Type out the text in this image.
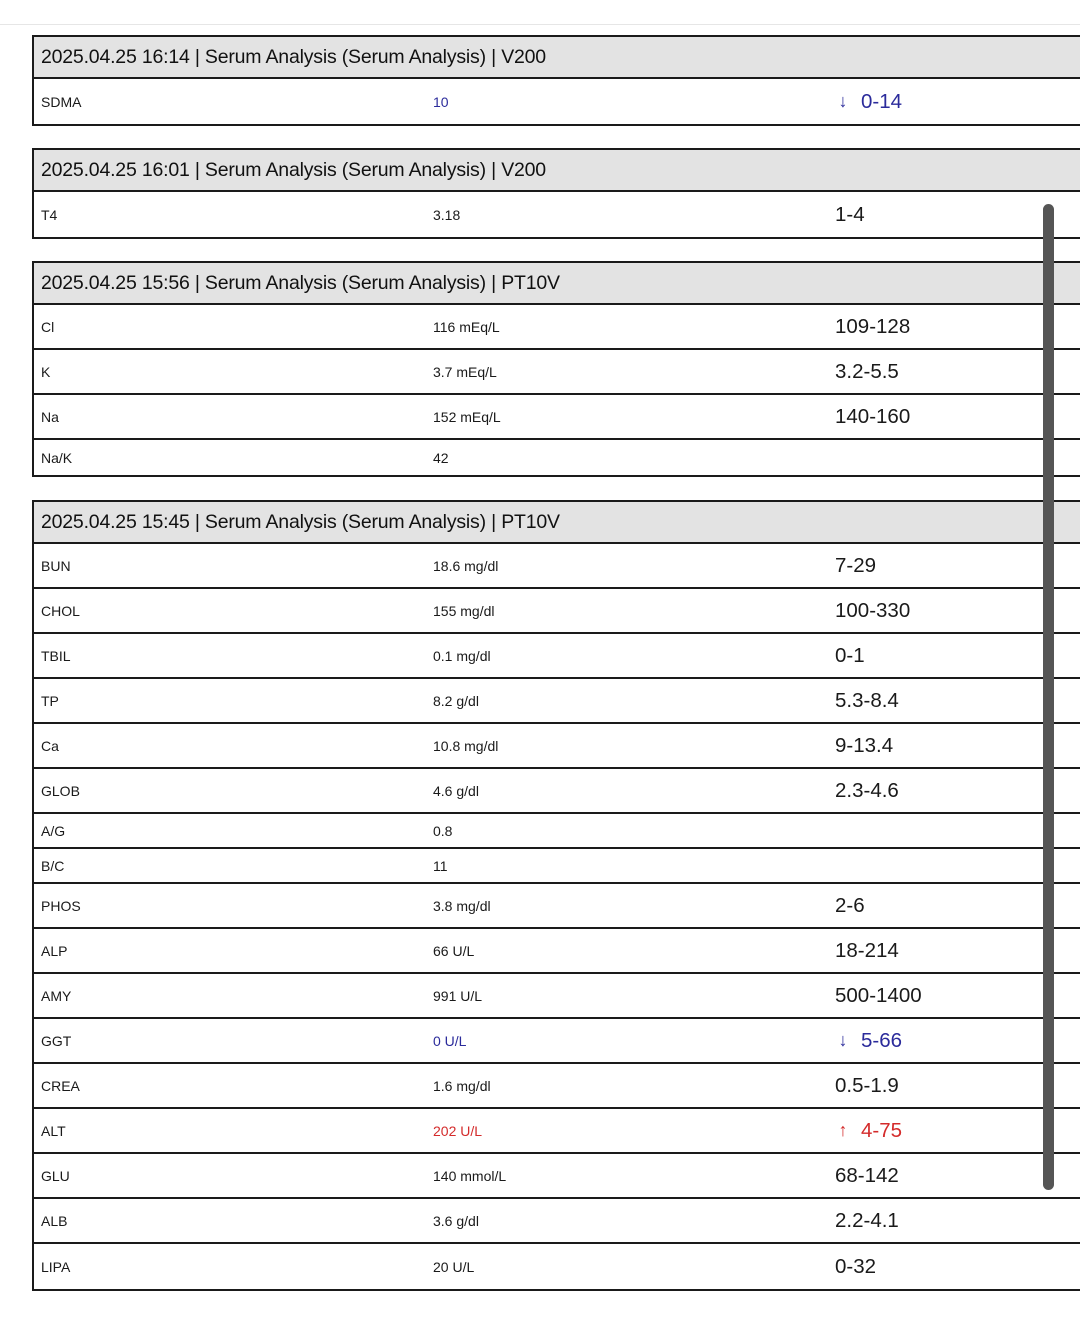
2025.04.25 16:14 | Serum Analysis (Serum Analysis) | V200
SDMA	10	↓ 0-14
2025.04.25 16:01 | Serum Analysis (Serum Analysis) | V200
T4	3.18	1-4
2025.04.25 15:56 | Serum Analysis (Serum Analysis) | PT10V
Cl	116 mEq/L	109-128
K	3.7 mEq/L	3.2-5.5
Na	152 mEq/L	140-160
Na/K	42
2025.04.25 15:45 | Serum Analysis (Serum Analysis) | PT10V
BUN	18.6 mg/dl	7-29
CHOL	155 mg/dl	100-330
TBIL	0.1 mg/dl	0-1
TP	8.2 g/dl	5.3-8.4
Ca	10.8 mg/dl	9-13.4
GLOB	4.6 g/dl	2.3-4.6
A/G	0.8
B/C	11
PHOS	3.8 mg/dl	2-6
ALP	66 U/L	18-214
AMY	991 U/L	500-1400
GGT	0 U/L	↓ 5-66
CREA	1.6 mg/dl	0.5-1.9
ALT	202 U/L	↑ 4-75
GLU	140 mmol/L	68-142
ALB	3.6 g/dl	2.2-4.1
LIPA	20 U/L	0-32
